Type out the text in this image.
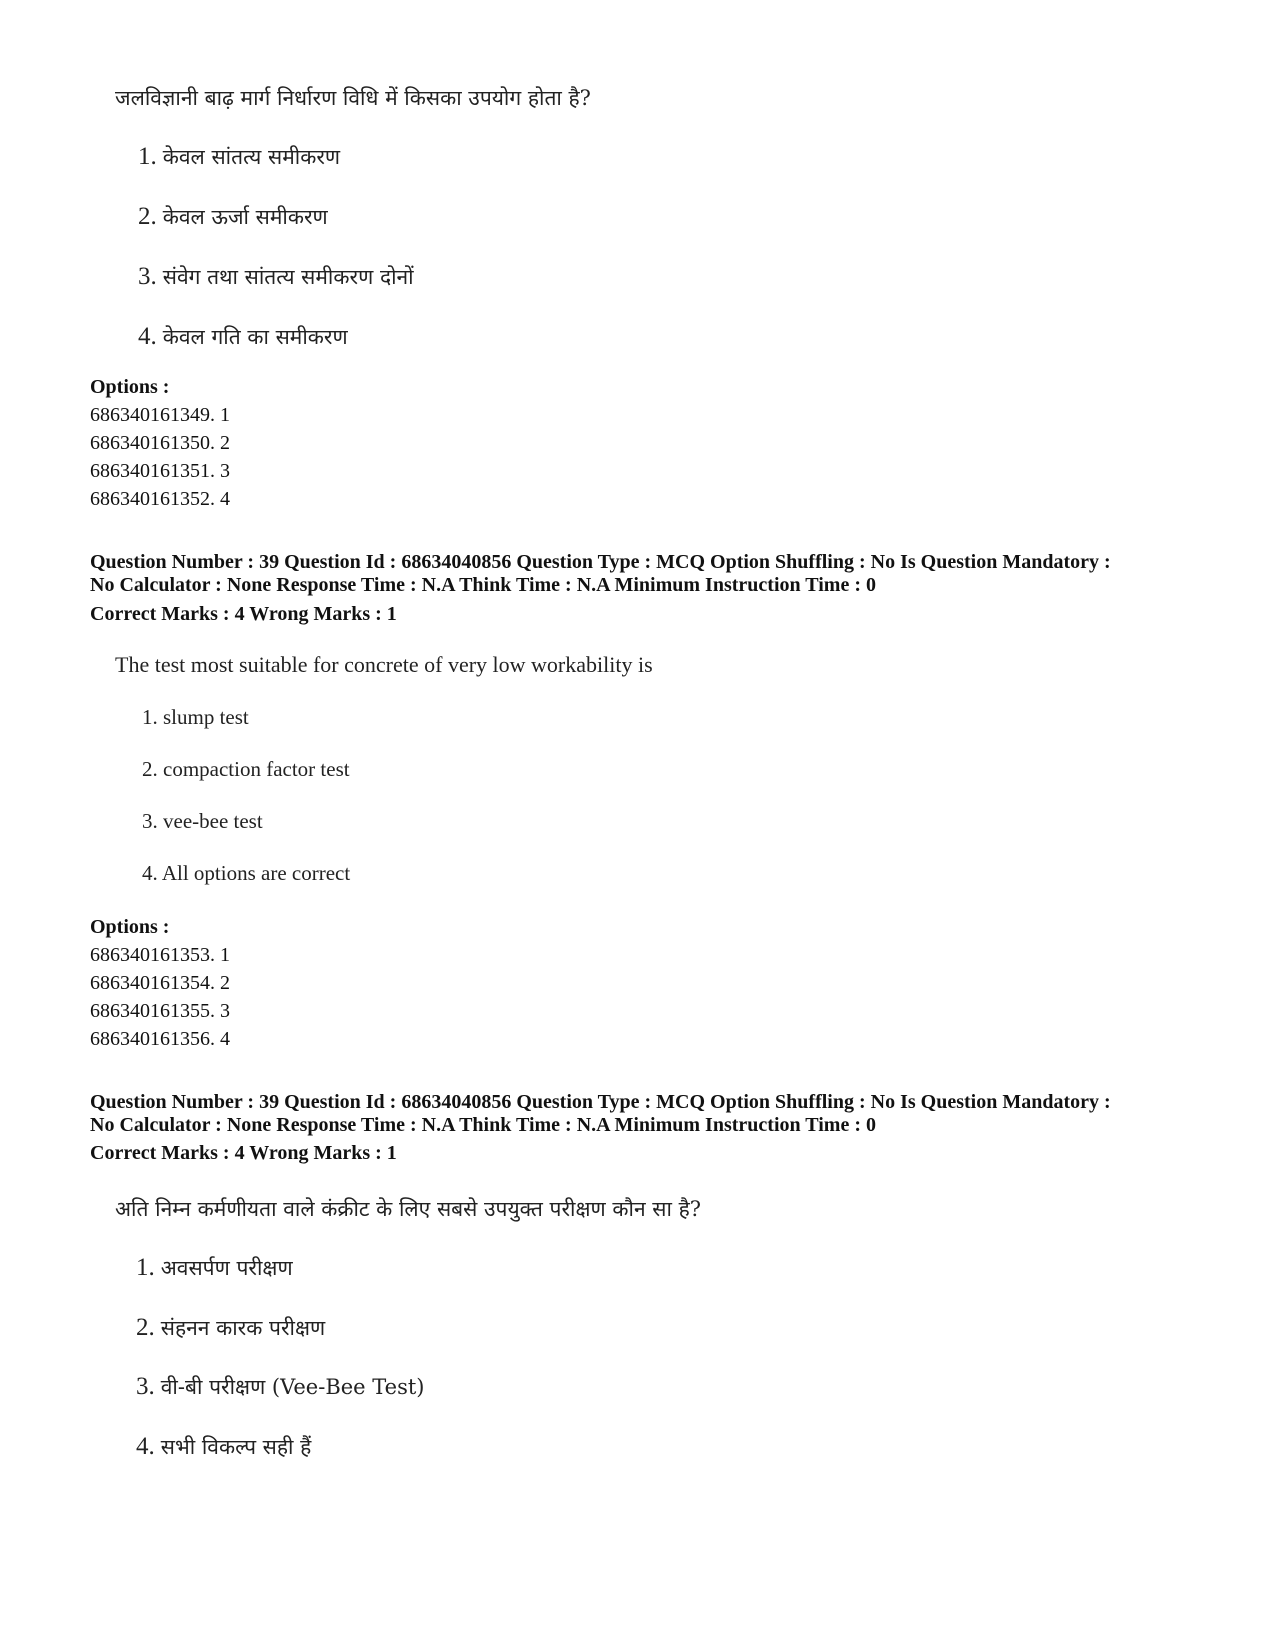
जलविज्ञानी बाढ़ मार्ग निर्धारण विधि में किसका उपयोग होता है?
1. केवल सांतत्य समीकरण
2. केवल ऊर्जा समीकरण
3. संवेग तथा सांतत्य समीकरण दोनों
4. केवल गति का समीकरण
Options :
686340161349. 1
686340161350. 2
686340161351. 3
686340161352. 4
Question Number : 39 Question Id : 68634040856 Question Type : MCQ Option Shuffling : No Is Question Mandatory :
No Calculator : None Response Time : N.A Think Time : N.A Minimum Instruction Time : 0
Correct Marks : 4 Wrong Marks : 1
The test most suitable for concrete of very low workability is
1. slump test
2. compaction factor test
3. vee-bee test
4. All options are correct
Options :
686340161353. 1
686340161354. 2
686340161355. 3
686340161356. 4
Question Number : 39 Question Id : 68634040856 Question Type : MCQ Option Shuffling : No Is Question Mandatory :
No Calculator : None Response Time : N.A Think Time : N.A Minimum Instruction Time : 0
Correct Marks : 4 Wrong Marks : 1
अति निम्न कर्मणीयता वाले कंक्रीट के लिए सबसे उपयुक्त परीक्षण कौन सा है?
1. अवसर्पण परीक्षण
2. संहनन कारक परीक्षण
3. वी-बी परीक्षण (Vee-Bee Test)
4. सभी विकल्प सही हैं
